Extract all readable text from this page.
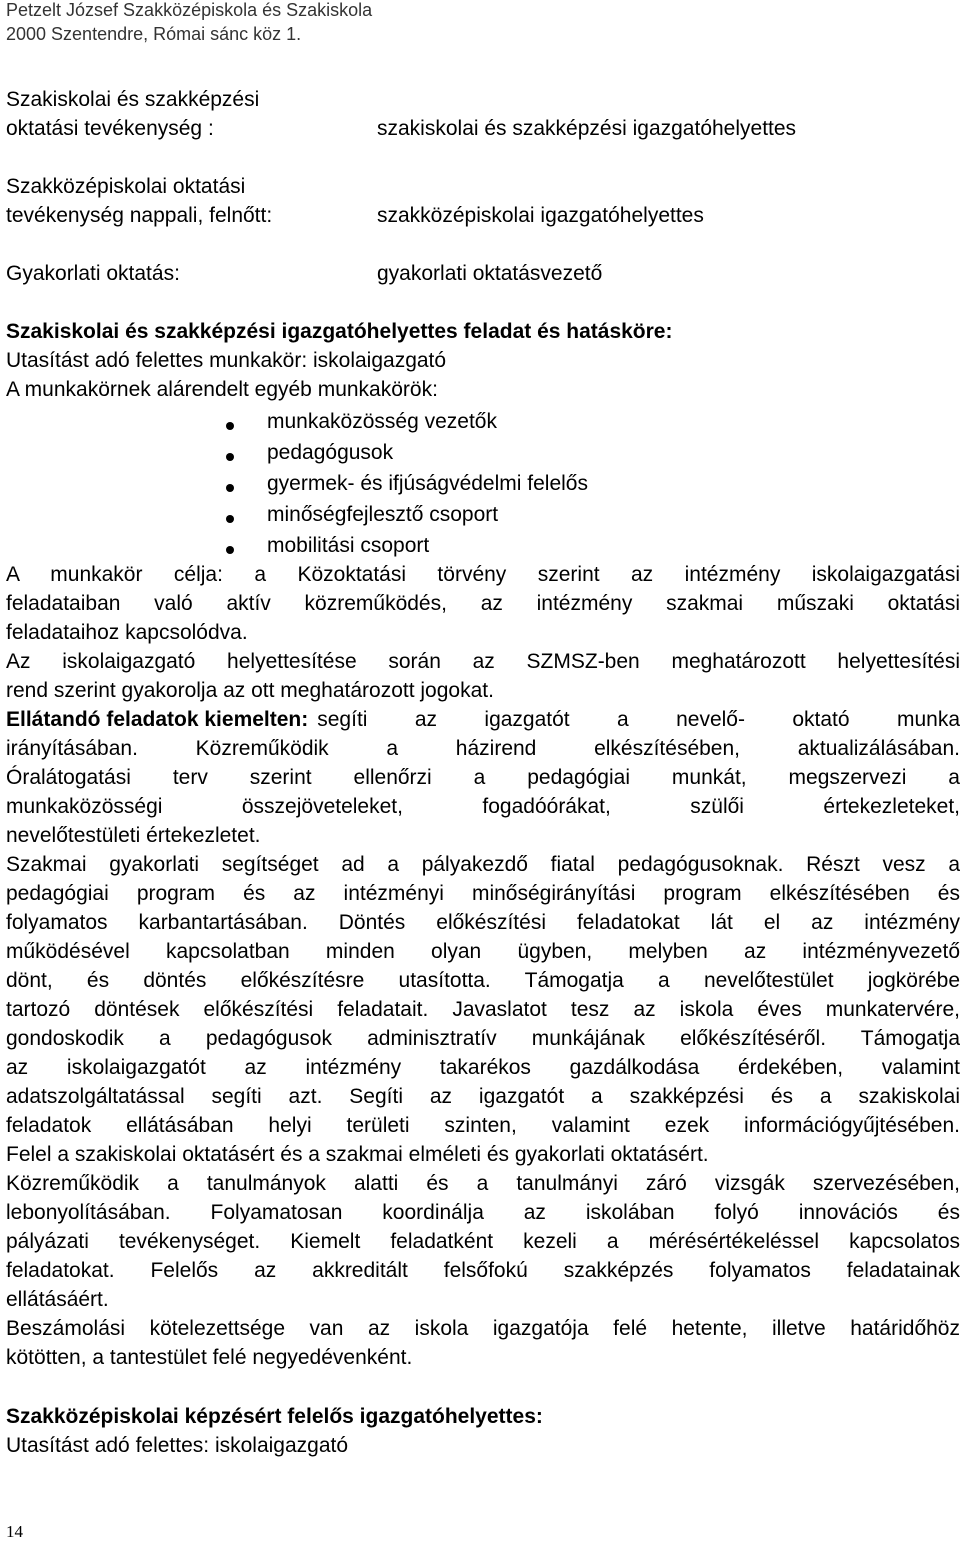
Petzelt József Szakközépiskola és Szakiskola
2000 Szentendre, Római sánc köz 1.
Szakiskolai és szakképzési
oktatási tevékenység :	szakiskolai és szakképzési igazgatóhelyettes
Szakközépiskolai oktatási
tevékenység nappali, felnőtt:	szakközépiskolai igazgatóhelyettes
Gyakorlati oktatás:	gyakorlati oktatásvezető
Szakiskolai és szakképzési igazgatóhelyettes feladat és hatásköre:
Utasítást adó felettes munkakör: iskolaigazgató
A munkakörnek alárendelt egyéb munkakörök:
munkaközösség vezetők
pedagógusok
gyermek- és ifjúságvédelmi felelős
minőségfejlesztő csoport
mobilitási csoport
A munkakör célja: a Közoktatási törvény szerint az intézmény iskolaigazgatási
feladataiban való aktív közreműködés, az intézmény szakmai műszaki oktatási
feladataihoz kapcsolódva.
Az iskolaigazgató helyettesítése során az SZMSZ-ben meghatározott helyettesítési
rend szerint gyakorolja az ott meghatározott jogokat.
Ellátandó feladatok kiemelten: segíti az igazgatót a nevelő- oktató munka
irányításában. Közreműködik a házirend elkészítésében, aktualizálásában.
Óralátogatási terv szerint ellenőrzi a pedagógiai munkát, megszervezi a
munkaközösségi összejöveteleket, fogadóórákat, szülői értekezleteket,
nevelőtestületi értekezletet.
Szakmai gyakorlati segítséget ad a pályakezdő fiatal pedagógusoknak. Részt vesz a
pedagógiai program és az intézményi minőségirányítási program elkészítésében és
folyamatos karbantartásában. Döntés előkészítési feladatokat lát el az intézmény
működésével kapcsolatban minden olyan ügyben, melyben az intézményvezető
dönt, és döntés előkészítésre utasította. Támogatja a nevelőtestület jogkörébe
tartozó döntések előkészítési feladatait. Javaslatot tesz az iskola éves munkatervére,
gondoskodik a pedagógusok adminisztratív munkájának előkészítéséről. Támogatja
az iskolaigazgatót az intézmény takarékos gazdálkodása érdekében, valamint
adatszolgáltatással segíti azt. Segíti az igazgatót a szakképzési és a szakiskolai
feladatok ellátásában helyi területi szinten, valamint ezek információgyűjtésében.
Felel a szakiskolai oktatásért és a szakmai elméleti és gyakorlati oktatásért.
Közreműködik a tanulmányok alatti és a tanulmányi záró vizsgák szervezésében,
lebonyolításában. Folyamatosan koordinálja az iskolában folyó innovációs és
pályázati tevékenységet. Kiemelt feladatként kezeli a mérésértékeléssel kapcsolatos
feladatokat. Felelős az akkreditált felsőfokú szakképzés folyamatos feladatainak
ellátásáért.
Beszámolási kötelezettsége van az iskola igazgatója felé hetente, illetve határidőhöz
kötötten, a tantestület felé negyedévenként.
Szakközépiskolai képzésért felelős igazgatóhelyettes:
Utasítást adó felettes: iskolaigazgató
14
